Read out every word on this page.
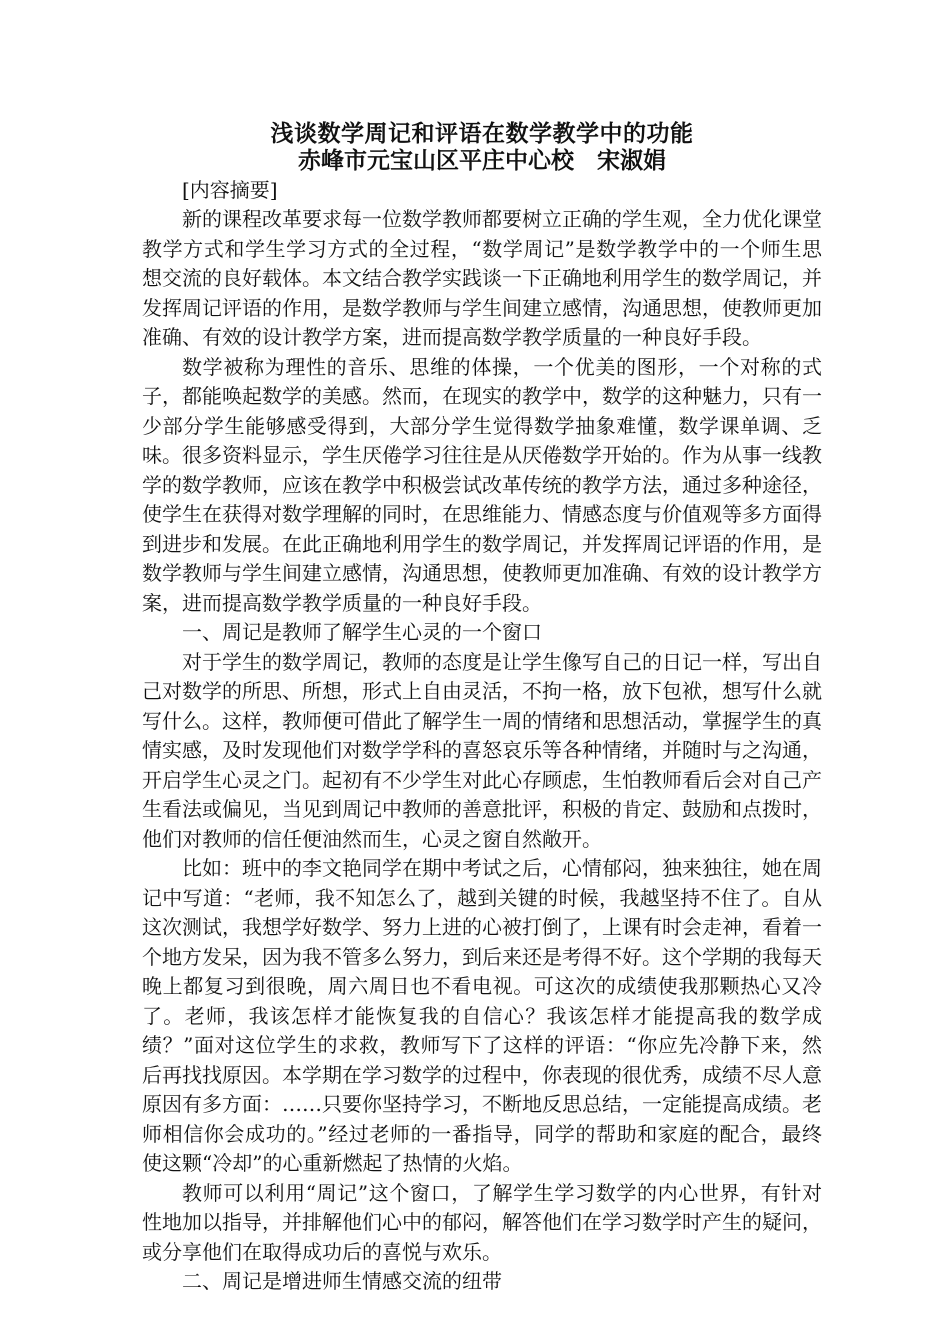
浅谈数学周记和评语在数学教学中的功能
赤峰市元宝山区平庄中心校　宋淑娟
[内容摘要]

新的课程改革要求每一位数学教师都要树立正确的学生观，全力优化课堂教学方式和学生学习方式的全过程，“数学周记”是数学教学中的一个师生思想交流的良好载体。本文结合教学实践谈一下正确地利用学生的数学周记，并发挥周记评语的作用，是数学教师与学生间建立感情，沟通思想，使教师更加准确、有效的设计教学方案，进而提高数学教学质量的一种良好手段。

数学被称为理性的音乐、思维的体操，一个优美的图形，一个对称的式子，都能唤起数学的美感。然而，在现实的教学中，数学的这种魅力，只有一少部分学生能够感受得到，大部分学生觉得数学抽象难懂，数学课单调、乏味。很多资料显示，学生厌倦学习往往是从厌倦数学开始的。作为从事一线教学的数学教师，应该在教学中积极尝试改革传统的教学方法，通过多种途径，使学生在获得对数学理解的同时，在思维能力、情感态度与价值观等多方面得到进步和发展。在此正确地利用学生的数学周记，并发挥周记评语的作用，是数学教师与学生间建立感情，沟通思想，使教师更加准确、有效的设计教学方案，进而提高数学教学质量的一种良好手段。

一、周记是教师了解学生心灵的一个窗口

对于学生的数学周记，教师的态度是让学生像写自己的日记一样，写出自己对数学的所思、所想，形式上自由灵活，不拘一格，放下包袱，想写什么就写什么。这样，教师便可借此了解学生一周的情绪和思想活动，掌握学生的真情实感，及时发现他们对数学学科的喜怒哀乐等各种情绪，并随时与之沟通，开启学生心灵之门。起初有不少学生对此心存顾虑，生怕教师看后会对自己产生看法或偏见，当见到周记中教师的善意批评，积极的肯定、鼓励和点拨时，他们对教师的信任便油然而生，心灵之窗自然敞开。

比如：班中的李文艳同学在期中考试之后，心情郁闷，独来独往，她在周记中写道：“老师，我不知怎么了，越到关键的时候，我越坚持不住了。自从这次测试，我想学好数学、努力上进的心被打倒了，上课有时会走神，看着一个地方发呆，因为我不管多么努力，到后来还是考得不好。这个学期的我每天晚上都复习到很晚，周六周日也不看电视。可这次的成绩使我那颗热心又冷了。老师，我该怎样才能恢复我的自信心？我该怎样才能提高我的数学成绩？”面对这位学生的求救，教师写下了这样的评语：“你应先冷静下来，然后再找找原因。本学期在学习数学的过程中，你表现的很优秀，成绩不尽人意原因有多方面：……只要你坚持学习，不断地反思总结，一定能提高成绩。老师相信你会成功的。”经过老师的一番指导，同学的帮助和家庭的配合，最终使这颗“冷却”的心重新燃起了热情的火焰。

教师可以利用“周记”这个窗口，了解学生学习数学的内心世界，有针对性地加以指导，并排解他们心中的郁闷，解答他们在学习数学时产生的疑问，或分享他们在取得成功后的喜悦与欢乐。

二、周记是增进师生情感交流的纽带
